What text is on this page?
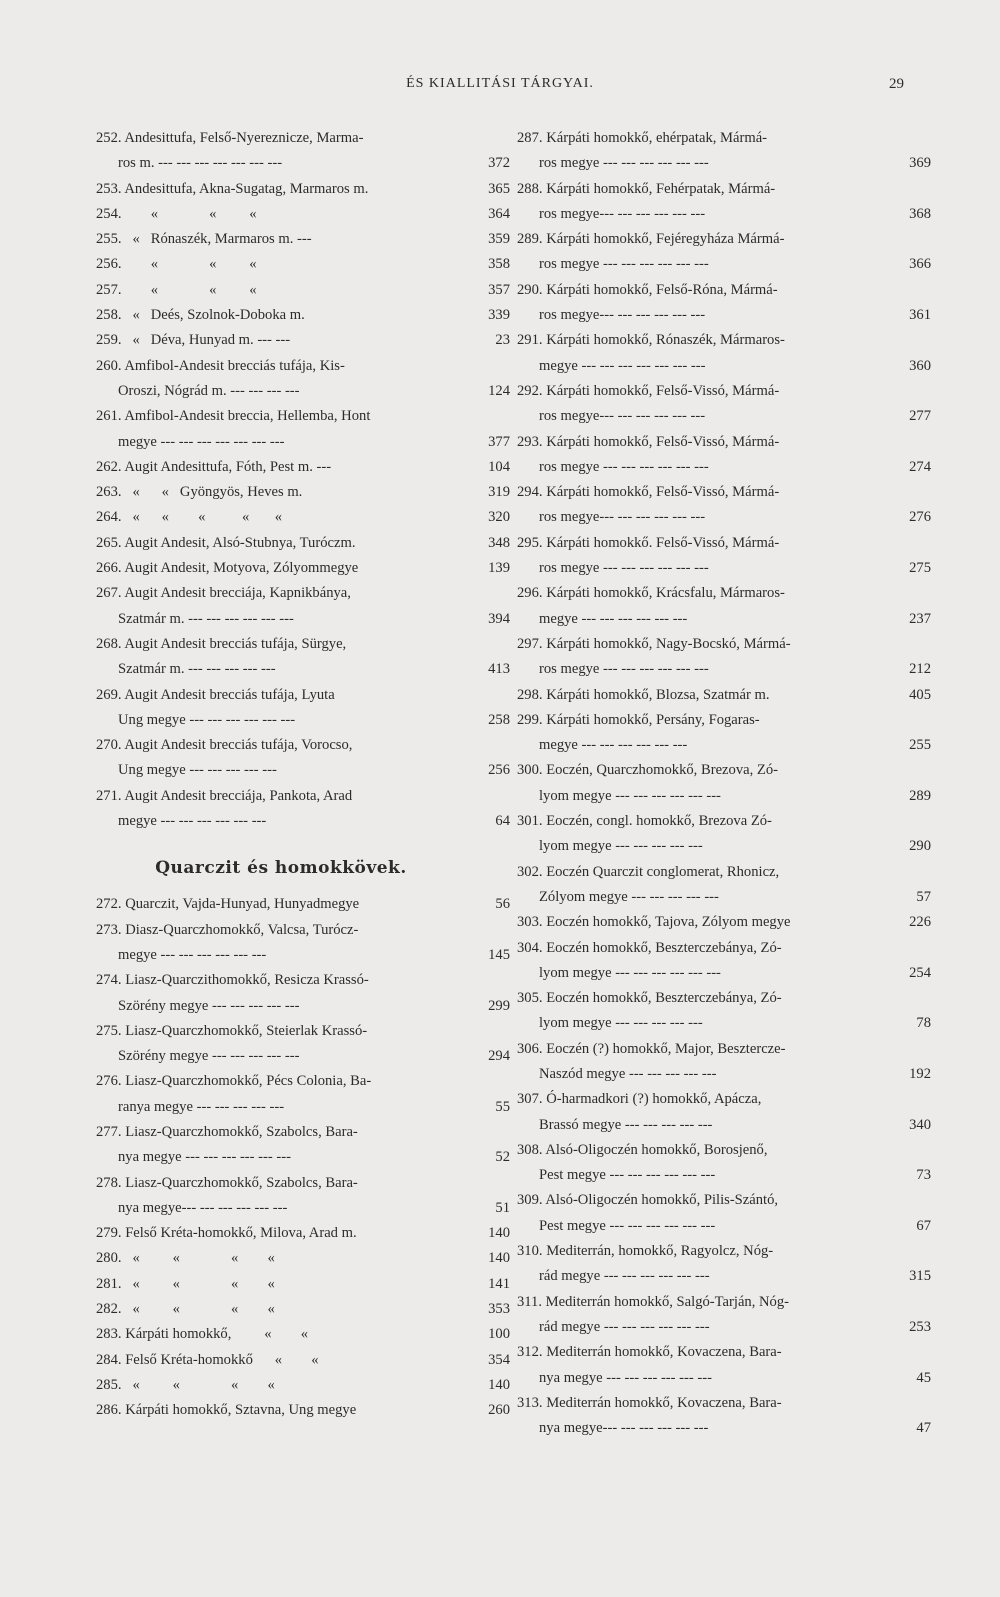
ÉS KIALLITÁSI TÁRGYAI.	29
252. Andesittufa, Felső-Nyereznicze, Marma-
ros m. --- --- --- --- --- --- ---	372
253. Andesittufa, Akna-Sugatag, Marmaros m.	365
254.        «              «         «	364
255.   «   Rónaszék, Marmaros m. ---	359
256.        «              «         «	358
257.        «              «         «	357
258.   «   Deés, Szolnok-Doboka m.	339
259.   «   Déva, Hunyad m. --- ---	23
260. Amfibol-Andesit brecciás tufája, Kis-
Oroszi, Nógrád m. --- --- --- ---	124
261. Amfibol-Andesit breccia, Hellemba, Hont
megye --- --- --- --- --- --- ---	377
262. Augit Andesittufa, Fóth, Pest m. ---	104
263.   «      «   Gyöngyös, Heves m.	319
264.   «      «        «          «       «	320
265. Augit Andesit, Alsó-Stubnya, Turóczm.	348
266. Augit Andesit, Motyova, Zólyommegye	139
267. Augit Andesit brecciája, Kapnikbánya,
Szatmár m. --- --- --- --- --- ---	394
268. Augit Andesit brecciás tufája, Sürgye,
Szatmár m. --- --- --- --- ---	413
269. Augit Andesit brecciás tufája, Lyuta
Ung megye --- --- --- --- --- ---	258
270. Augit Andesit brecciás tufája, Vorocso,
Ung megye --- --- --- --- ---	256
271. Augit Andesit brecciája, Pankota, Arad
megye --- --- --- --- --- ---	64
Quarczit és homokkövek.
272. Quarczit, Vajda-Hunyad, Hunyadmegye	56
273. Diasz-Quarczhomokkő, Valcsa, Turócz-
megye --- --- --- --- --- ---	145
274. Liasz-Quarczithomokkő, Resicza Krassó-
Szörény megye --- --- --- --- ---	299
275. Liasz-Quarczhomokkő, Steierlak Krassó-
Szörény megye --- --- --- --- ---	294
276. Liasz-Quarczhomokkő, Pécs Colonia, Ba-
ranya megye --- --- --- --- ---	55
277. Liasz-Quarczhomokkő, Szabolcs, Bara-
nya megye --- --- --- --- --- ---	52
278. Liasz-Quarczhomokkő, Szabolcs, Bara-
nya megye--- --- --- --- --- ---	51
279. Felső Kréta-homokkő, Milova, Arad m.	140
280.   «         «              «        «	140
281.   «         «              «        «	141
282.   «         «              «        «	353
283. Kárpáti homokkő,         «        «	100
284. Felső Kréta-homokkő      «        «	354
285.   «         «              «        «	140
286. Kárpáti homokkő, Sztavna, Ung megye	260
287. Kárpáti homokkő, ehérpatak, Mármá-
ros megye --- --- --- --- --- ---	369
288. Kárpáti homokkő, Fehérpatak, Mármá-
ros megye--- --- --- --- --- ---	368
289. Kárpáti homokkő, Fejéregyháza Mármá-
ros megye --- --- --- --- --- ---	366
290. Kárpáti homokkő, Felső-Róna, Mármá-
ros megye--- --- --- --- --- ---	361
291. Kárpáti homokkő, Rónaszék, Mármaros-
megye --- --- --- --- --- --- ---	360
292. Kárpáti homokkő, Felső-Vissó, Mármá-
ros megye--- --- --- --- --- ---	277
293. Kárpáti homokkő, Felső-Vissó, Mármá-
ros megye --- --- --- --- --- ---	274
294. Kárpáti homokkő, Felső-Vissó, Mármá-
ros megye--- --- --- --- --- ---	276
295. Kárpáti homokkő. Felső-Vissó, Mármá-
ros megye --- --- --- --- --- ---	275
296. Kárpáti homokkő, Krácsfalu, Mármaros-
megye --- --- --- --- --- ---	237
297. Kárpáti homokkő, Nagy-Bocskó, Mármá-
ros megye --- --- --- --- --- ---	212
298. Kárpáti homokkő, Blozsa, Szatmár m.	405
299. Kárpáti homokkő, Persány, Fogaras-
megye --- --- --- --- --- ---	255
300. Eoczén, Quarczhomokkő, Brezova, Zó-
lyom megye --- --- --- --- --- ---	289
301. Eoczén, congl. homokkő, Brezova Zó-
lyom megye --- --- --- --- ---	290
302. Eoczén Quarczit conglomerat, Rhonicz,
Zólyom megye --- --- --- --- ---	57
303. Eoczén homokkő, Tajova, Zólyom megye	226
304. Eoczén homokkő, Beszterczebánya, Zó-
lyom megye --- --- --- --- --- ---	254
305. Eoczén homokkő, Beszterczebánya, Zó-
lyom megye --- --- --- --- ---	78
306. Eoczén (?) homokkő, Major, Besztercze-
Naszód megye --- --- --- --- ---	192
307. Ó-harmadkori (?) homokkő, Apácza,
Brassó megye --- --- --- --- ---	340
308. Alsó-Oligoczén homokkő, Borosjenő,
Pest megye --- --- --- --- --- ---	73
309. Alsó-Oligoczén homokkő, Pilis-Szántó,
Pest megye --- --- --- --- --- ---	67
310. Mediterrán, homokkő, Ragyolcz, Nóg-
rád megye --- --- --- --- --- ---	315
311. Mediterrán homokkő, Salgó-Tarján, Nóg-
rád megye --- --- --- --- --- ---	253
312. Mediterrán homokkő, Kovaczena, Bara-
nya megye --- --- --- --- --- ---	45
313. Mediterrán homokkő, Kovaczena, Bara-
nya megye--- --- --- --- --- ---	47
